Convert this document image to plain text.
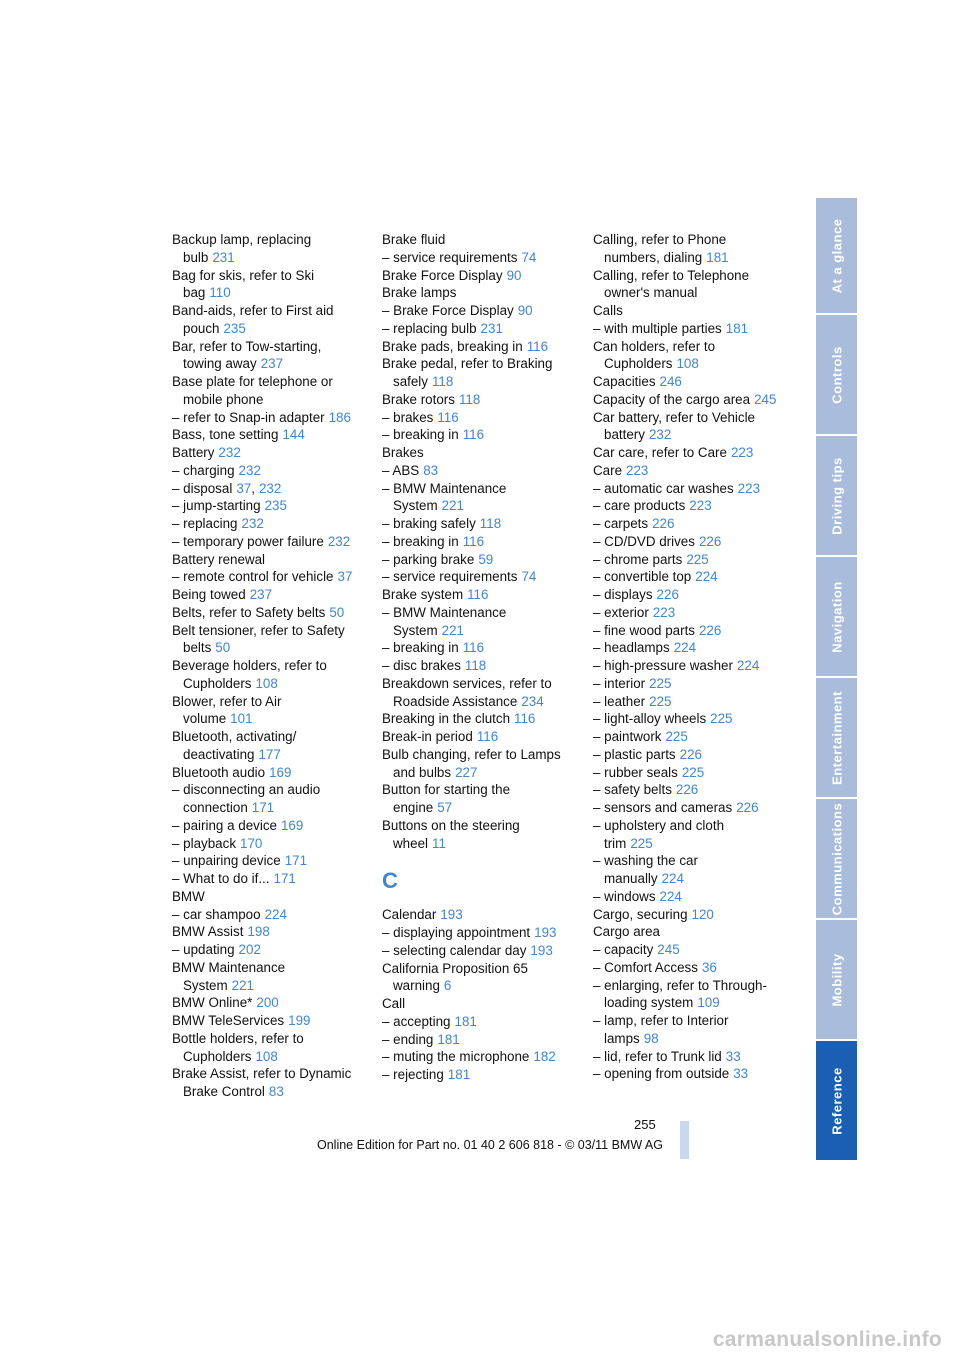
Backup lamp, replacing
bulb 231
Bag for skis, refer to Ski
bag 110
Band-aids, refer to First aid
pouch 235
Bar, refer to Tow-starting,
towing away 237
Base plate for telephone or
mobile phone
– refer to Snap-in adapter 186
Bass, tone setting 144
Battery 232
– charging 232
– disposal 37, 232
– jump-starting 235
– replacing 232
– temporary power failure 232
Battery renewal
– remote control for vehicle 37
Being towed 237
Belts, refer to Safety belts 50
Belt tensioner, refer to Safety
belts 50
Beverage holders, refer to
Cupholders 108
Blower, refer to Air
volume 101
Bluetooth, activating/
deactivating 177
Bluetooth audio 169
– disconnecting an audio
connection 171
– pairing a device 169
– playback 170
– unpairing device 171
– What to do if... 171
BMW
– car shampoo 224
BMW Assist 198
– updating 202
BMW Maintenance
System 221
BMW Online* 200
BMW TeleServices 199
Bottle holders, refer to
Cupholders 108
Brake Assist, refer to Dynamic
Brake Control 83
Brake fluid
– service requirements 74
Brake Force Display 90
Brake lamps
– Brake Force Display 90
– replacing bulb 231
Brake pads, breaking in 116
Brake pedal, refer to Braking
safely 118
Brake rotors 118
– brakes 116
– breaking in 116
Brakes
– ABS 83
– BMW Maintenance
System 221
– braking safely 118
– breaking in 116
– parking brake 59
– service requirements 74
Brake system 116
– BMW Maintenance
System 221
– breaking in 116
– disc brakes 118
Breakdown services, refer to
Roadside Assistance 234
Breaking in the clutch 116
Break-in period 116
Bulb changing, refer to Lamps
and bulbs 227
Button for starting the
engine 57
Buttons on the steering
wheel 11
C
Calendar 193
– displaying appointment 193
– selecting calendar day 193
California Proposition 65
warning 6
Call
– accepting 181
– ending 181
– muting the microphone 182
– rejecting 181
Calling, refer to Phone
numbers, dialing 181
Calling, refer to Telephone
owner's manual
Calls
– with multiple parties 181
Can holders, refer to
Cupholders 108
Capacities 246
Capacity of the cargo area 245
Car battery, refer to Vehicle
battery 232
Car care, refer to Care 223
Care 223
– automatic car washes 223
– care products 223
– carpets 226
– CD/DVD drives 226
– chrome parts 225
– convertible top 224
– displays 226
– exterior 223
– fine wood parts 226
– headlamps 224
– high-pressure washer 224
– interior 225
– leather 225
– light-alloy wheels 225
– paintwork 225
– plastic parts 226
– rubber seals 225
– safety belts 226
– sensors and cameras 226
– upholstery and cloth
trim 225
– washing the car
manually 224
– windows 224
Cargo, securing 120
Cargo area
– capacity 245
– Comfort Access 36
– enlarging, refer to Through-
loading system 109
– lamp, refer to Interior
lamps 98
– lid, refer to Trunk lid 33
– opening from outside 33
At a glance
Controls
Driving tips
Navigation
Entertainment
Communications
Mobility
Reference
255
Online Edition for Part no. 01 40 2 606 818 - © 03/11 BMW AG
carmanualsonline.info
